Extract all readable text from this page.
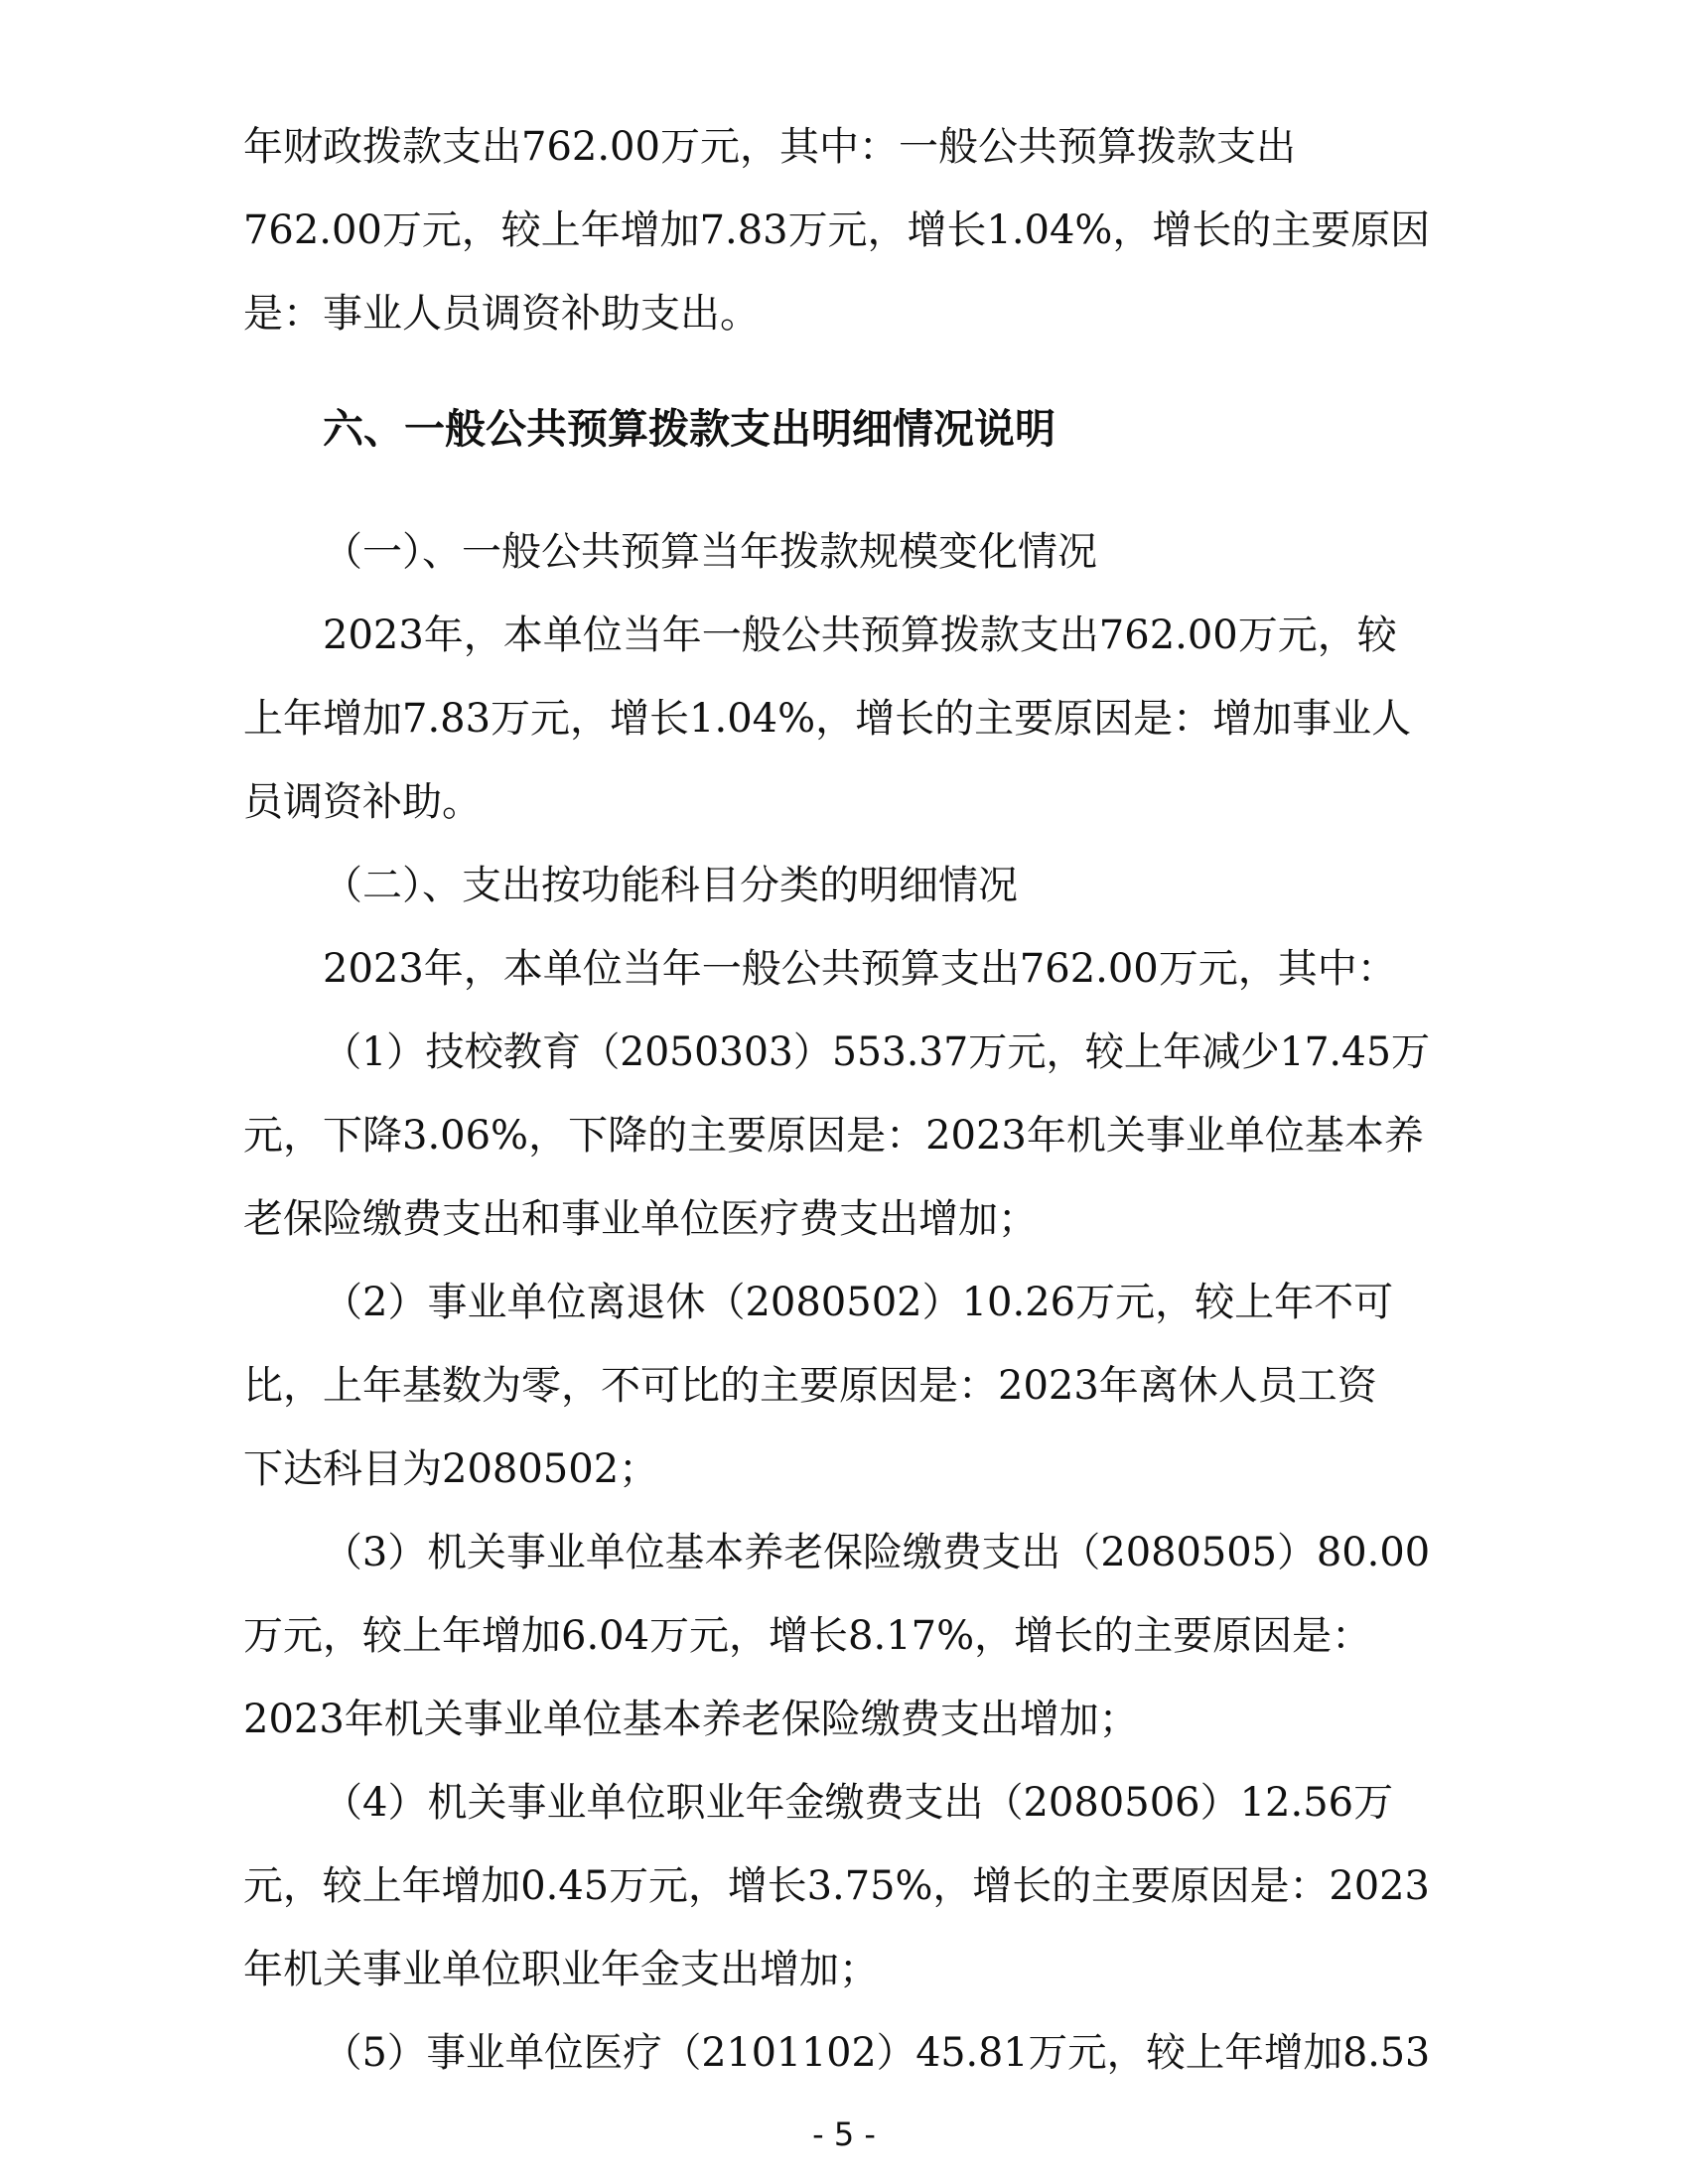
年财政拨款支出762.00万元，其中：一般公共预算拨款支出
762.00万元，较上年增加7.83万元，增长1.04%，增长的主要原因
是：事业人员调资补助支出。
六、一般公共预算拨款支出明细情况说明
（一）、一般公共预算当年拨款规模变化情况
2023年，本单位当年一般公共预算拨款支出762.00万元，较
上年增加7.83万元，增长1.04%，增长的主要原因是：增加事业人
员调资补助。
（二）、支出按功能科目分类的明细情况
2023年，本单位当年一般公共预算支出762.00万元，其中：
（1）技校教育（2050303）553.37万元，较上年减少17.45万
元，下降3.06%，下降的主要原因是：2023年机关事业单位基本养
老保险缴费支出和事业单位医疗费支出增加；
（2）事业单位离退休（2080502）10.26万元，较上年不可
比，上年基数为零，不可比的主要原因是：2023年离休人员工资
下达科目为2080502；
（3）机关事业单位基本养老保险缴费支出（2080505）80.00
万元，较上年增加6.04万元，增长8.17%，增长的主要原因是：
2023年机关事业单位基本养老保险缴费支出增加；
（4）机关事业单位职业年金缴费支出（2080506）12.56万
元，较上年增加0.45万元，增长3.75%，增长的主要原因是：2023
年机关事业单位职业年金支出增加；
（5）事业单位医疗（2101102）45.81万元，较上年增加8.53
- 5 -
